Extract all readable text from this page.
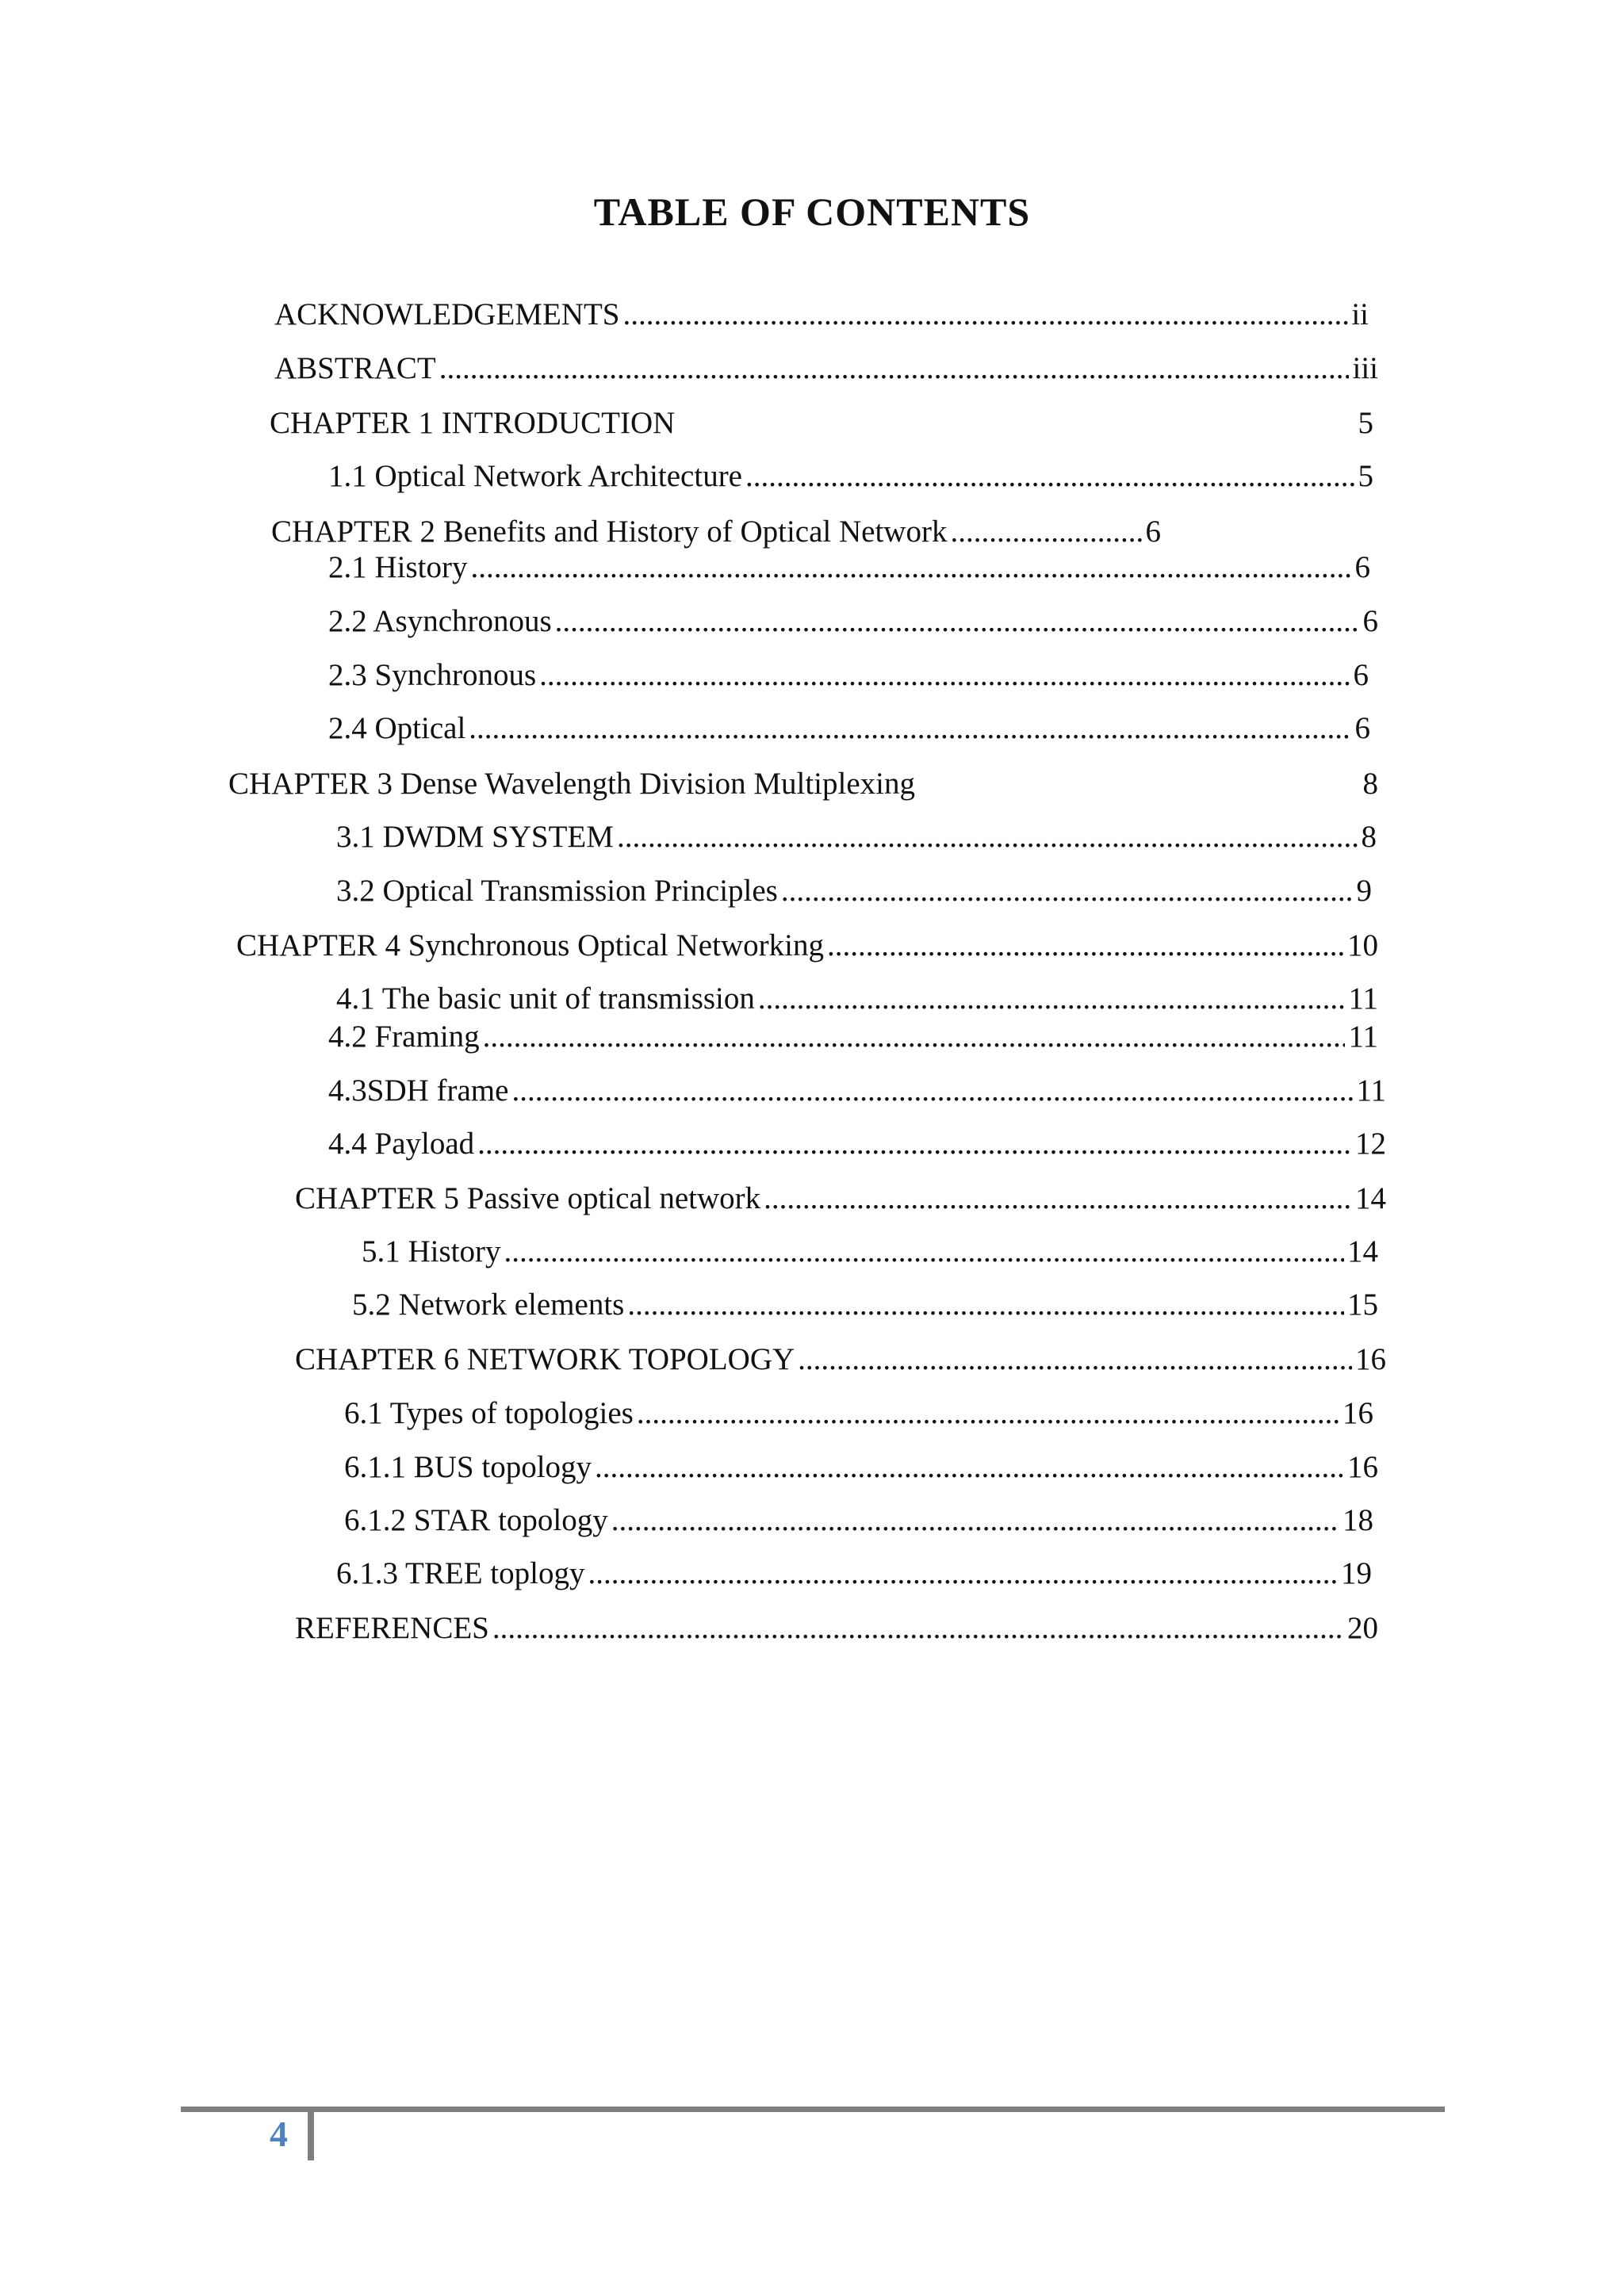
TABLE OF CONTENTS
ACKNOWLEDGEMENTS .....	ii
ABSTRACT .....	iii
CHAPTER 1 INTRODUCTION	5
1.1 Optical Network Architecture .....	5
CHAPTER 2 Benefits and History of Optical Network .....	6
2.1 History .....	6
2.2 Asynchronous .....	6
2.3 Synchronous .....	6
2.4 Optical .....	6
CHAPTER 3 Dense Wavelength Division Multiplexing	8
3.1 DWDM SYSTEM .....	8
3.2 Optical Transmission Principles .....	9
CHAPTER 4 Synchronous Optical Networking .....	10
4.1 The basic unit of transmission .....	11
4.2 Framing .....	11
4.3SDH frame .....	11
4.4 Payload .....	12
CHAPTER 5 Passive optical network .....	14
5.1 History .....	14
5.2 Network elements .....	15
CHAPTER 6 NETWORK TOPOLOGY .....	16
6.1 Types of topologies .....	16
6.1.1 BUS topology .....	16
6.1.2 STAR topology .....	18
6.1.3 TREE toplogy .....	19
REFERENCES .....	20
4
